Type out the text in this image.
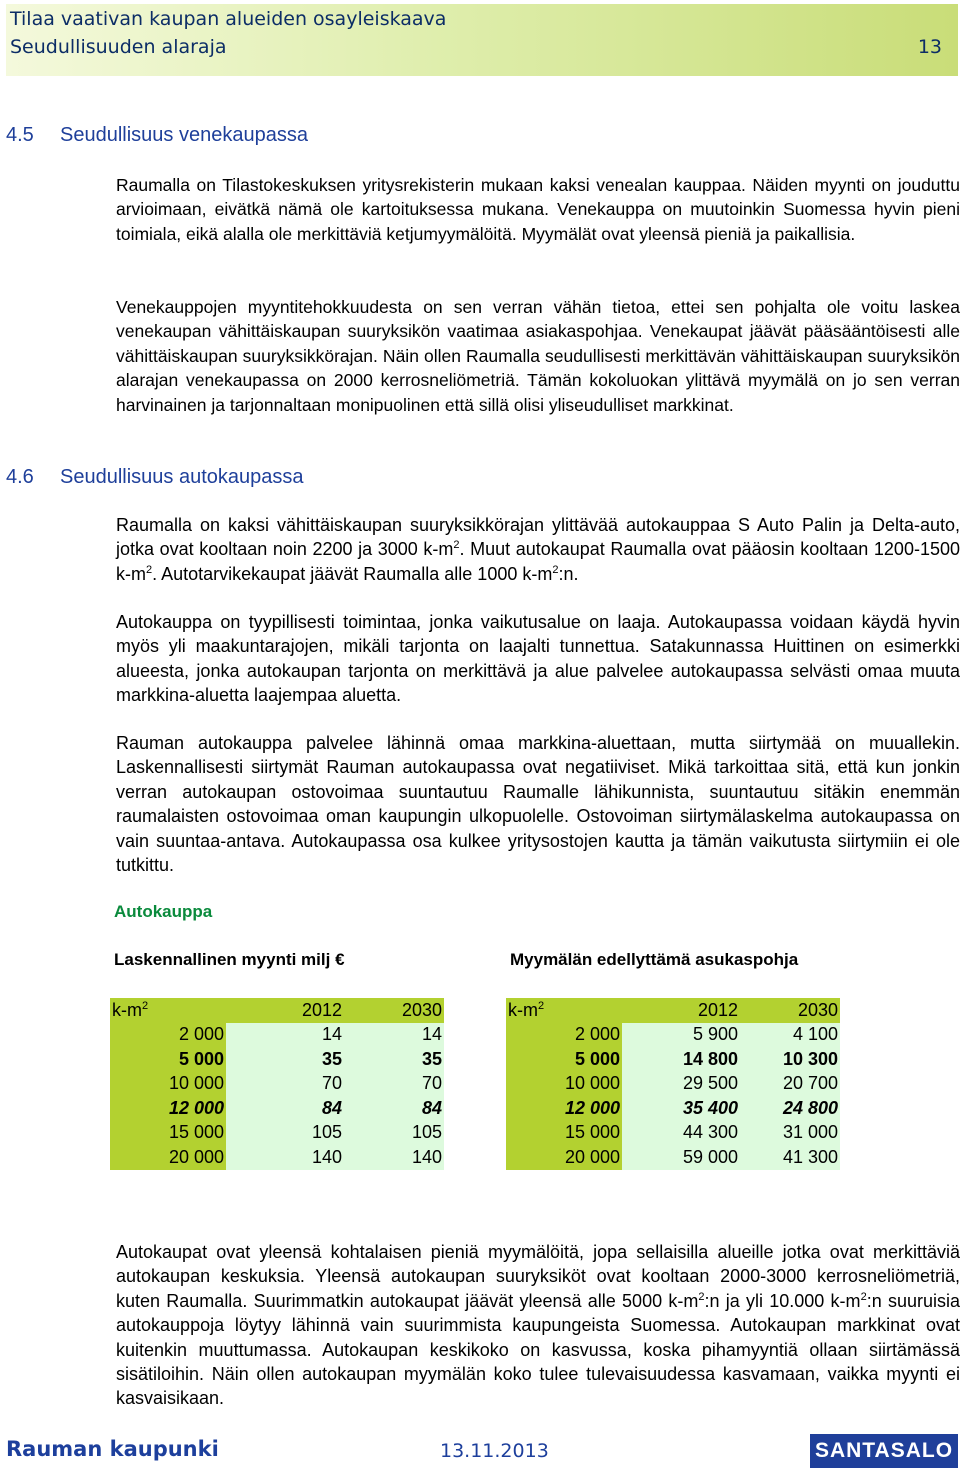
Tilaa vaativan kaupan alueiden osayleiskaava
Seudullisuuden alaraja	13
4.5 Seudullisuus venekaupassa

Raumalla on Tilastokeskuksen yritysrekisterin mukaan kaksi venealan kauppaa. Näiden myynti on jouduttu arvioimaan, eivätkä nämä ole kartoituksessa mukana. Venekauppa on muutoinkin Suomessa hyvin pieni toimiala, eikä alalla ole merkittäviä ketjumyymälöitä. Myymälät ovat yleensä pieniä ja paikallisia.

Venekauppojen myyntitehokkuudesta on sen verran vähän tietoa, ettei sen pohjalta ole voitu laskea venekaupan vähittäiskaupan suuryksikön vaatimaa asiakaspohjaa. Venekaupat jäävät pääsääntöisesti alle vähittäiskaupan suuryksikkörajan. Näin ollen Raumalla seudullisesti merkittävän vähittäiskaupan suuryksikön alarajan venekaupassa on 2000 kerrosneliömetriä. Tämän kokoluokan ylittävä myymälä on jo sen verran harvinainen ja tarjonnaltaan monipuolinen että sillä olisi yliseudulliset markkinat.

4.6 Seudullisuus autokaupassa

Raumalla on kaksi vähittäiskaupan suuryksikkörajan ylittävää autokauppaa S Auto Palin ja Delta-auto, jotka ovat kooltaan noin 2200 ja 3000 $k-m^2$. Muut autokaupat Raumalla ovat pääosin kooltaan 1200-1500 $k-m^2$. Autotarvikekaupat jäävät Raumalla alle 1000 $k-m^2:n$.

Autokauppa on tyypillisesti toimintaa, jonka vaikutusalue on laaja. Autokaupassa voidaan käydä hyvin myös yli maakuntarajojen, mikäli tarjonta on laajalti tunnettua. Satakunnassa Huittinen on esimerkki alueesta, jonka autokaupan tarjonta on merkittävä ja alue palvelee autokaupassa selvästi omaa muuta markkina-aluetta laajempaa aluetta.

Rauman autokauppa palvelee lähinnä omaa markkina-aluettaan, mutta siirtymää on muuallekin. Laskennallisesti siirtymät Rauman autokaupassa ovat negatiiviset. Mikä tarkoittaa sitä, että kun jonkin verran autokaupan ostovoimaa suuntautuu Raumalle lähikunnista, suuntautuu sitäkin enemmän raumalaisten ostovoimaa oman kaupungin ulkopuolelle. Ostovoiman siirtymälaskelma autokaupassa on vain suuntaa-antava. Autokaupassa osa kulkee yritysostojen kautta ja tämän vaikutusta siirtymiin ei ole tutkittu.

Autokauppa
Laskennallinen myynti milj €	Myymälän edellyttämä asukaspohja
$k-m^2$	2012	2030
2 000	14	14
5 000	35	35
10 000	70	70
12 000	84	84
15 000	105	105
20 000	140	140
$k-m^2$	2012	2030
2 000	5 900	4 100
5 000	14 800	10 300
10 000	29 500	20 700
12 000	35 400	24 800
15 000	44 300	31 000
20 000	59 000	41 300

Autokaupat ovat yleensä kohtalaisen pieniä myymälöitä, jopa sellaisilla alueille jotka ovat merkittäviä autokaupan keskuksia. Yleensä autokaupan suuryksiköt ovat kooltaan 2000-3000 kerrosneliömetriä, kuten Raumalla. Suurimmatkin autokaupat jäävät yleensä alle 5000 $k-m^2:n$ ja yli 10.000 $k-m^2:n$ suuruisia autokauppoja löytyy lähinnä vain suurimmista kaupungeista Suomessa. Autokaupan markkinat ovat kuitenkin muuttumassa. Autokaupan keskikoko on kasvussa, koska pihamyyntiä ollaan siirtämässä sisätiloihin. Näin ollen autokaupan myymälän koko tulee tulevaisuudessa kasvamaan, vaikka myynti ei kasvaisikaan.

Rauman kaupunki	13.11.2013	SANTASALO
